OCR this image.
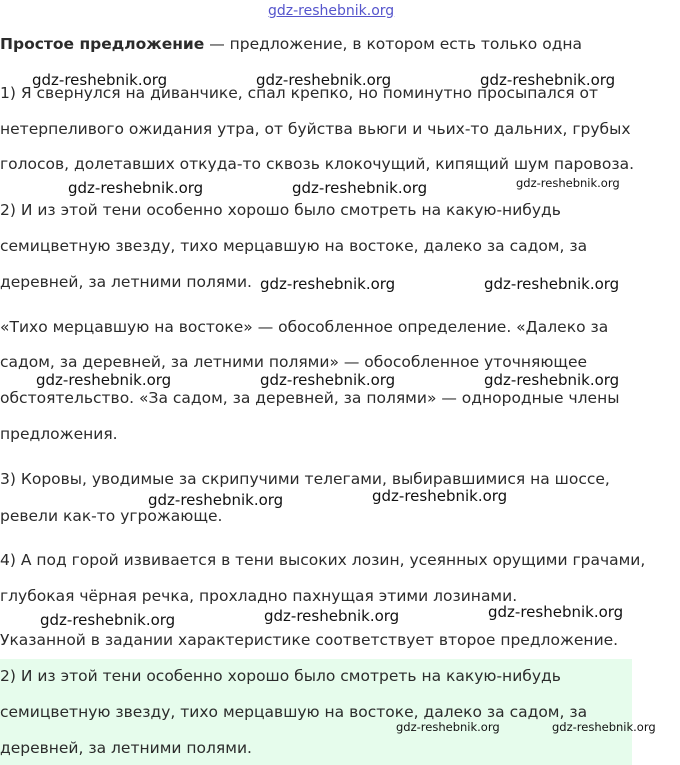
Простое предложение — предложение, в котором есть только одна

1) Я свернулся на диванчике, спал крепко, но поминутно просыпался от

нетерпеливого ожидания утра, от буйства вьюги и чьих-то дальних, грубых

голосов, долетавших откуда-то сквозь клокочущий, кипящий шум паровоза.

2) И из этой тени особенно хорошо было смотреть на какую-нибудь

семицветную звезду, тихо мерцавшую на востоке, далеко за садом, за

деревней, за летними полями.

«Тихо мерцавшую на востоке» — обособленное определение. «Далеко за

садом, за деревней, за летними полями» — обособленное уточняющее

обстоятельство. «За садом, за деревней, за полями» — однородные члены

предложения.

3) Коровы, уводимые за скрипучими телегами, выбиравшимися на шоссе,

ревели как-то угрожающе.

4) А под горой извивается в тени высоких лозин, усеянных орущими грачами,

глубокая чёрная речка, прохладно пахнущая этими лозинами.

Указанной в задании характеристике соответствует второе предложение.

2) И из этой тени особенно хорошо было смотреть на какую-нибудь

семицветную звезду, тихо мерцавшую на востоке, далеко за садом, за

деревней, за летними полями.

gdz-reshebnik.org
gdz-reshebnik.org	gdz-reshebnik.org	gdz-reshebnik.org
gdz-reshebnik.org	gdz-reshebnik.org	gdz-reshebnik.org
gdz-reshebnik.org	gdz-reshebnik.org
gdz-reshebnik.org	gdz-reshebnik.org	gdz-reshebnik.org
gdz-reshebnik.org	gdz-reshebnik.org
gdz-reshebnik.org	gdz-reshebnik.org	gdz-reshebnik.org
gdz-reshebnik.org	gdz-reshebnik.org
